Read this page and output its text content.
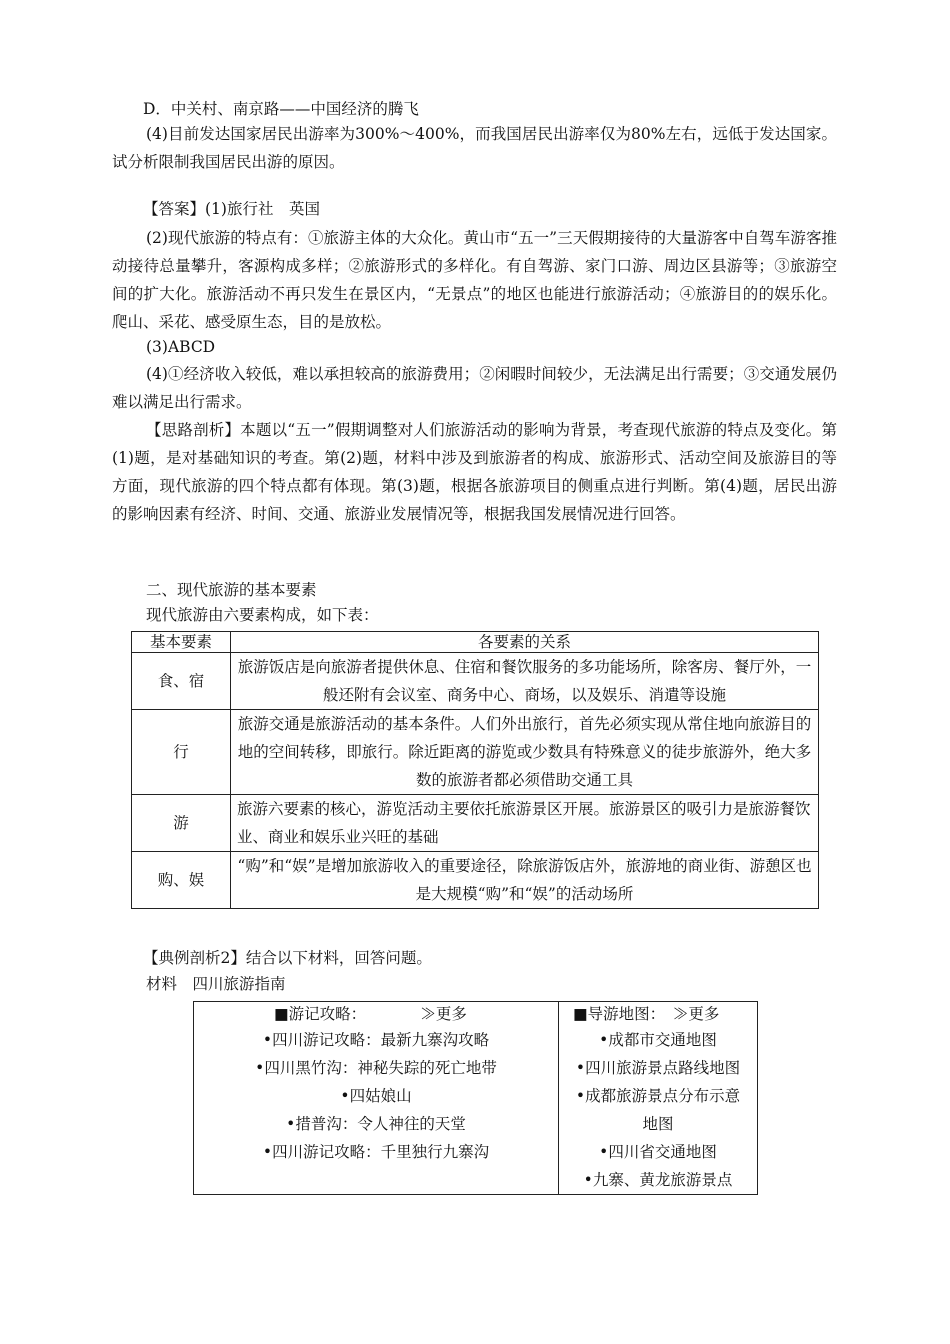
D．中关村、南京路——中国经济的腾飞
(4)目前发达国家居民出游率为300%～400%，而我国居民出游率仅为80%左右，远低于发达国家。试分析限制我国居民出游的原因。
【答案】(1)旅行社　英国
(2)现代旅游的特点有：①旅游主体的大众化。黄山市“五一”三天假期接待的大量游客中自驾车游客推动接待总量攀升，客源构成多样；②旅游形式的多样化。有自驾游、家门口游、周边区县游等；③旅游空间的扩大化。旅游活动不再只发生在景区内，“无景点”的地区也能进行旅游活动；④旅游目的的娱乐化。爬山、采花、感受原生态，目的是放松。
(3)ABCD
(4)①经济收入较低，难以承担较高的旅游费用；②闲暇时间较少，无法满足出行需要；③交通发展仍难以满足出行需求。
【思路剖析】本题以“五一”假期调整对人们旅游活动的影响为背景，考查现代旅游的特点及变化。第(1)题，是对基础知识的考查。第(2)题，材料中涉及到旅游者的构成、旅游形式、活动空间及旅游目的等方面，现代旅游的四个特点都有体现。第(3)题，根据各旅游项目的侧重点进行判断。第(4)题，居民出游的影响因素有经济、时间、交通、旅游业发展情况等，根据我国发展情况进行回答。
二、现代旅游的基本要素
现代旅游由六要素构成，如下表：
基本要素	各要素的关系
食、宿	旅游饭店是向旅游者提供休息、住宿和餐饮服务的多功能场所，除客房、餐厅外，一般还附有会议室、商务中心、商场，以及娱乐、消遣等设施
行	旅游交通是旅游活动的基本条件。人们外出旅行，首先必须实现从常住地向旅游目的地的空间转移，即旅行。除近距离的游览或少数具有特殊意义的徒步旅游外，绝大多数的旅游者都必须借助交通工具
游	旅游六要素的核心，游览活动主要依托旅游景区开展。旅游景区的吸引力是旅游餐饮业、商业和娱乐业兴旺的基础
购、娱	“购”和“娱”是增加旅游收入的重要途径，除旅游饭店外，旅游地的商业街、游憩区也是大规模“购”和“娱”的活动场所
【典例剖析2】结合以下材料，回答问题。
材料　四川旅游指南
■游记攻略：　　　　≫更多
•四川游记攻略：最新九寨沟攻略
•四川黑竹沟：神秘失踪的死亡地带
•四姑娘山
•措普沟：令人神往的天堂
•四川游记攻略：千里独行九寨沟

■导游地图：　≫更多
•成都市交通地图
•四川旅游景点路线地图
•成都旅游景点分布示意地图
•四川省交通地图
•九寨、黄龙旅游景点
